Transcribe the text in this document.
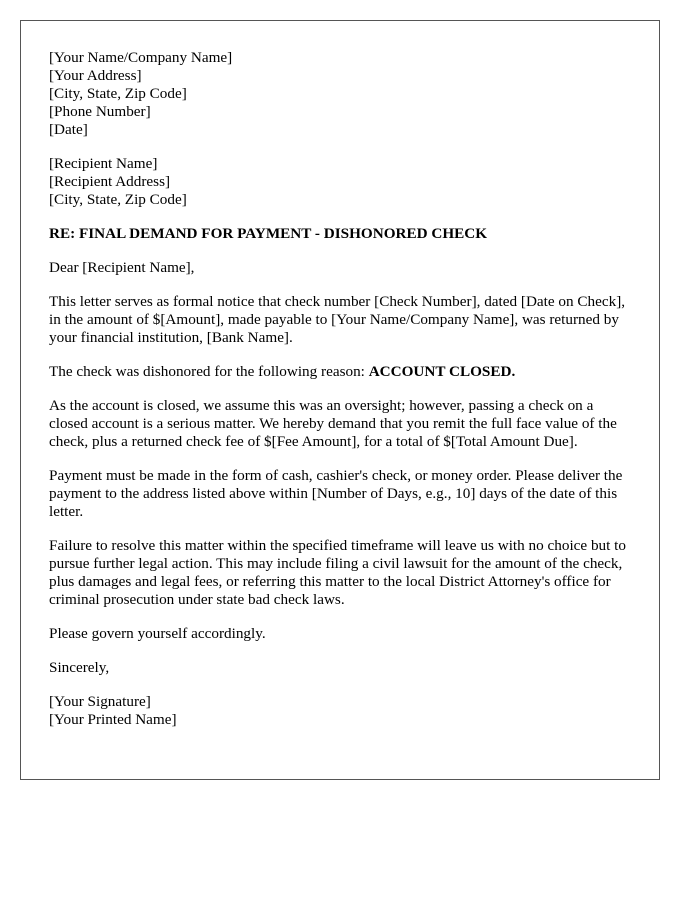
[Your Name/Company Name]
[Your Address]
[City, State, Zip Code]
[Phone Number]
[Date]
[Recipient Name]
[Recipient Address]
[City, State, Zip Code]
RE: FINAL DEMAND FOR PAYMENT - DISHONORED CHECK

Dear [Recipient Name],

This letter serves as formal notice that check number [Check Number], dated [Date on Check], in the amount of $[Amount], made payable to [Your Name/Company Name], was returned by your financial institution, [Bank Name].

The check was dishonored for the following reason: ACCOUNT CLOSED.

As the account is closed, we assume this was an oversight; however, passing a check on a closed account is a serious matter. We hereby demand that you remit the full face value of the check, plus a returned check fee of $[Fee Amount], for a total of $[Total Amount Due].

Payment must be made in the form of cash, cashier's check, or money order. Please deliver the payment to the address listed above within [Number of Days, e.g., 10] days of the date of this letter.

Failure to resolve this matter within the specified timeframe will leave us with no choice but to pursue further legal action. This may include filing a civil lawsuit for the amount of the check, plus damages and legal fees, or referring this matter to the local District Attorney's office for criminal prosecution under state bad check laws.

Please govern yourself accordingly.

Sincerely,

[Your Signature]
[Your Printed Name]
